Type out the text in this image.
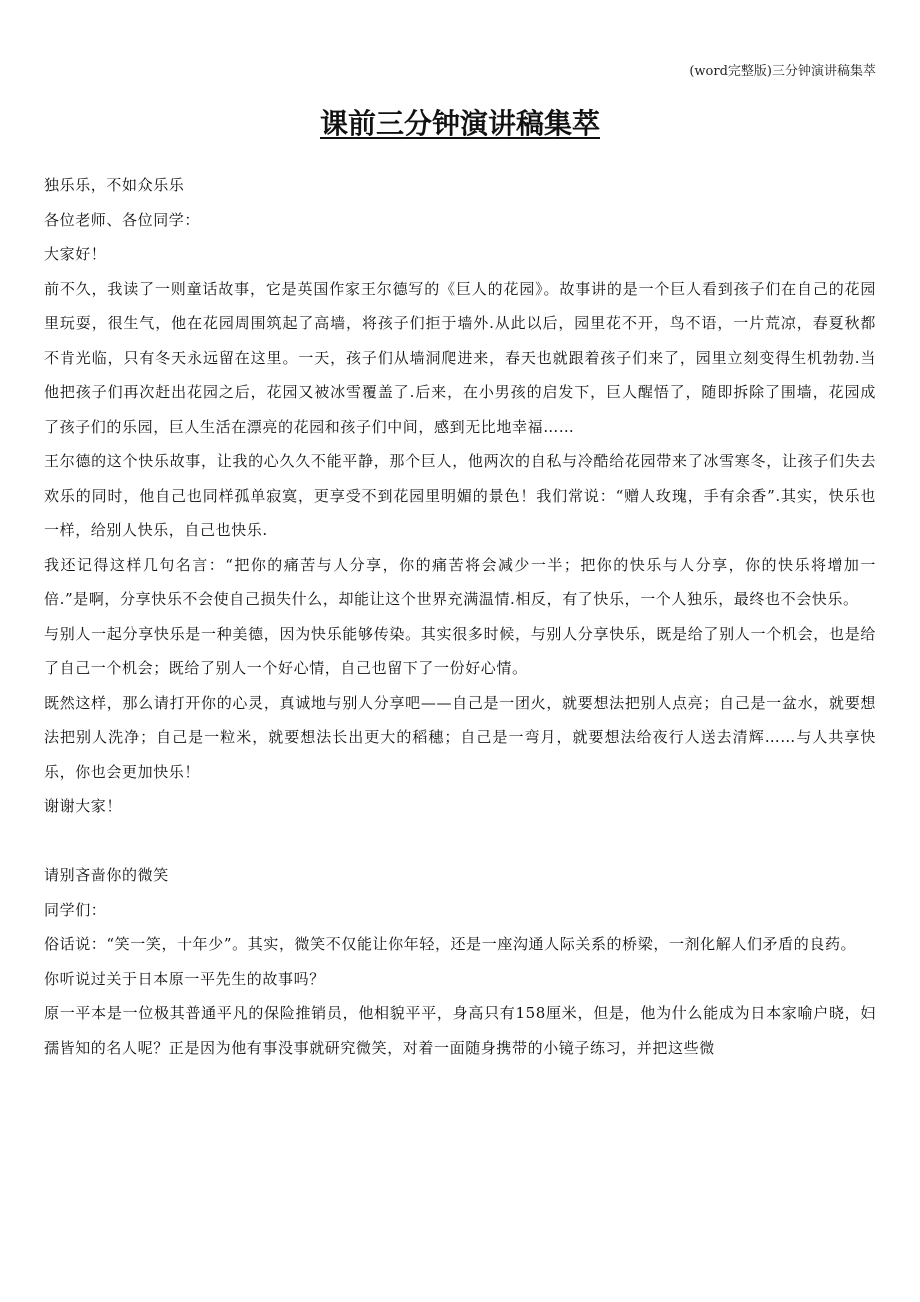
(word完整版)三分钟演讲稿集萃
课前三分钟演讲稿集萃

独乐乐，不如众乐乐

各位老师、各位同学：

大家好！

前不久，我读了一则童话故事，它是英国作家王尔德写的《巨人的花园》。故事讲的是一个巨人看到孩子们在自己的花园里玩耍，很生气，他在花园周围筑起了高墙，将孩子们拒于墙外.从此以后，园里花不开，鸟不语，一片荒凉，春夏秋都不肯光临，只有冬天永远留在这里。一天，孩子们从墙洞爬进来，春天也就跟着孩子们来了，园里立刻变得生机勃勃.当他把孩子们再次赶出花园之后，花园又被冰雪覆盖了.后来，在小男孩的启发下，巨人醒悟了，随即拆除了围墙，花园成了孩子们的乐园，巨人生活在漂亮的花园和孩子们中间，感到无比地幸福……

王尔德的这个快乐故事，让我的心久久不能平静，那个巨人，他两次的自私与冷酷给花园带来了冰雪寒冬，让孩子们失去欢乐的同时，他自己也同样孤单寂寞，更享受不到花园里明媚的景色！我们常说：“赠人玫瑰，手有余香”.其实，快乐也一样，给别人快乐，自己也快乐.

我还记得这样几句名言：“把你的痛苦与人分享，你的痛苦将会减少一半；把你的快乐与人分享，你的快乐将增加一倍.”是啊，分享快乐不会使自己损失什么，却能让这个世界充满温情.相反，有了快乐，一个人独乐，最终也不会快乐。

与别人一起分享快乐是一种美德，因为快乐能够传染。其实很多时候，与别人分享快乐，既是给了别人一个机会，也是给了自己一个机会；既给了别人一个好心情，自己也留下了一份好心情。

既然这样，那么请打开你的心灵，真诚地与别人分享吧——自己是一团火，就要想法把别人点亮；自己是一盆水，就要想法把别人洗净；自己是一粒米，就要想法长出更大的稻穗；自己是一弯月，就要想法给夜行人送去清辉……与人共享快乐，你也会更加快乐！

谢谢大家！

请别吝啬你的微笑

同学们：

俗话说：“笑一笑，十年少”。其实，微笑不仅能让你年轻，还是一座沟通人际关系的桥梁，一剂化解人们矛盾的良药。

你听说过关于日本原一平先生的故事吗？

原一平本是一位极其普通平凡的保险推销员，他相貌平平，身高只有158厘米，但是，他为什么能成为日本家喻户晓，妇孺皆知的名人呢？正是因为他有事没事就研究微笑，对着一面随身携带的小镜子练习，并把这些微
